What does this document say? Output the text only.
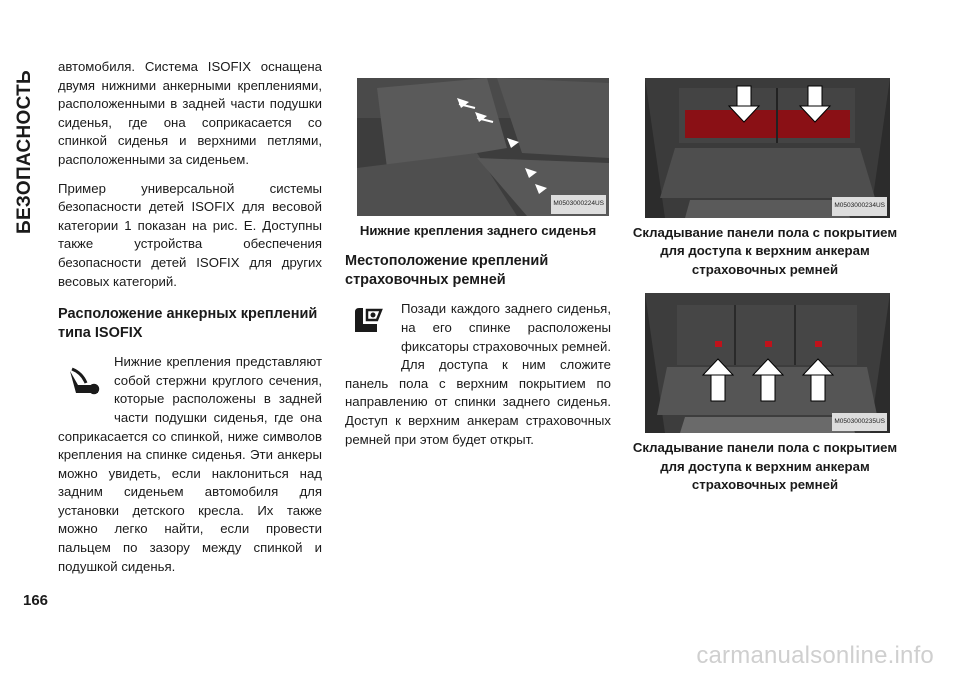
БЕЗОПАСНОСТЬ
166

автомобиля. Система ISOFIX оснащена двумя нижними анкерными креплениями, расположенными в задней части подушки сиденья, где она соприкасается со спинкой сиденья и верхними петлями, расположенными за сиденьем.

Пример универсальной системы безопасности детей ISOFIX для весовой категории 1 показан на рис. E. Доступны также устройства обеспечения безопасности детей ISOFIX для других весовых категорий.

Расположение анкерных креплений типа ISOFIX

Нижние крепления представляют собой стержни круглого сечения, которые расположены в задней части подушки сиденья, где она соприкасается со спинкой, ниже символов крепления на спинке сиденья. Эти анкеры можно увидеть, если наклониться над задним сиденьем автомобиля для установки детского кресла. Их также можно легко найти, если провести пальцем по зазору между спинкой и подушкой сиденья.

M0503000224US
Нижние крепления заднего сиденья
Местоположение креплений страховочных ремней

Позади каждого заднего сиденья, на его спинке расположены фиксаторы страховочных ремней. Для доступа к ним сложите панель пола с верхним покрытием по направлению от спинки заднего сиденья. Доступ к верхним анкерам страховочных ремней при этом будет открыт.

M0503000234US
Складывание панели пола с покрытием для доступа к верхним анкерам страховочных ремней
M0503000235US
Складывание панели пола с покрытием для доступа к верхним анкерам страховочных ремней
carmanualsonline.info
